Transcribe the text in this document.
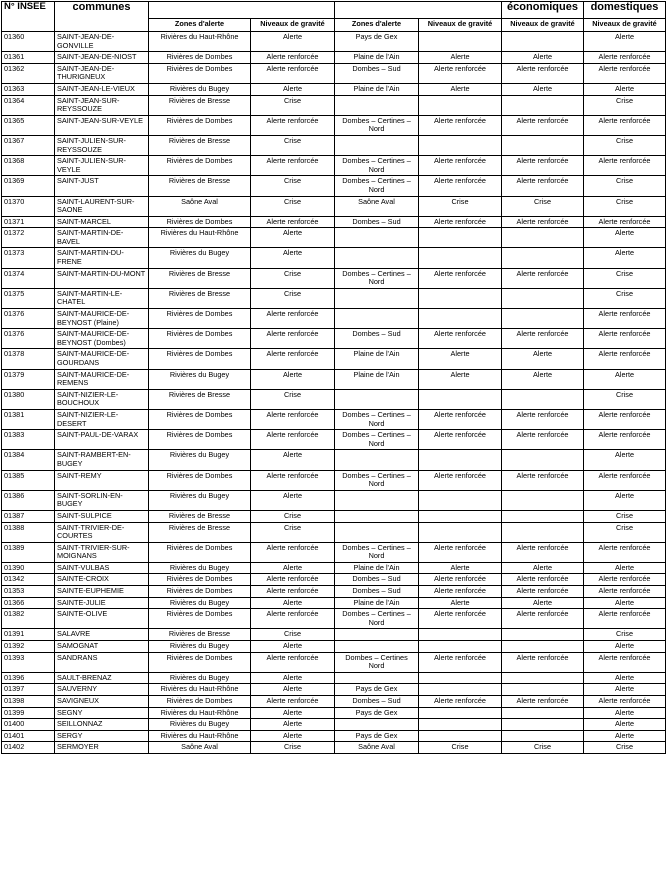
N° INSEE	communes					économiques	domestiques
		Zones d'alerte	Niveaux de gravité	Zones d'alerte	Niveaux de gravité	Niveaux de gravité	Niveaux de gravité
01360	SAINT-JEAN-DE-GONVILLE	Rivières du Haut-Rhône	Alerte	Pays de Gex			Alerte
01361	SAINT-JEAN-DE-NIOST	Rivières de Dombes	Alerte renforcée	Plaine de l'Ain	Alerte	Alerte	Alerte renforcée
01362	SAINT-JEAN-DE-THURIGNEUX	Rivières de Dombes	Alerte renforcée	Dombes – Sud	Alerte renforcée	Alerte renforcée	Alerte renforcée
01363	SAINT-JEAN-LE-VIEUX	Rivières du Bugey	Alerte	Plaine de l'Ain	Alerte	Alerte	Alerte
01364	SAINT-JEAN-SUR-REYSSOUZE	Rivières de Bresse	Crise				Crise
01365	SAINT-JEAN-SUR-VEYLE	Rivières de Dombes	Alerte renforcée	Dombes – Certines – Nord	Alerte renforcée	Alerte renforcée	Alerte renforcée
01367	SAINT-JULIEN-SUR-REYSSOUZE	Rivières de Bresse	Crise				Crise
01368	SAINT-JULIEN-SUR-VEYLE	Rivières de Dombes	Alerte renforcée	Dombes – Certines – Nord	Alerte renforcée	Alerte renforcée	Alerte renforcée
01369	SAINT-JUST	Rivières de Bresse	Crise	Dombes – Certines – Nord	Alerte renforcée	Alerte renforcée	Crise
01370	SAINT-LAURENT-SUR-SAONE	Saône Aval	Crise	Saône Aval	Crise	Crise	Crise
01371	SAINT-MARCEL	Rivières de Dombes	Alerte renforcée	Dombes – Sud	Alerte renforcée	Alerte renforcée	Alerte renforcée
01372	SAINT-MARTIN-DE-BAVEL	Rivières du Haut-Rhône	Alerte				Alerte
01373	SAINT-MARTIN-DU-FRENE	Rivières du Bugey	Alerte				Alerte
01374	SAINT-MARTIN-DU-MONT	Rivières de Bresse	Crise	Dombes – Certines – Nord	Alerte renforcée	Alerte renforcée	Crise
01375	SAINT-MARTIN-LE-CHATEL	Rivières de Bresse	Crise				Crise
01376	SAINT-MAURICE-DE-BEYNOST (Plaine)	Rivières de Dombes	Alerte renforcée				Alerte renforcée
01376	SAINT-MAURICE-DE-BEYNOST (Dombes)	Rivières de Dombes	Alerte renforcée	Dombes – Sud	Alerte renforcée	Alerte renforcée	Alerte renforcée
01378	SAINT-MAURICE-DE-GOURDANS	Rivières de Dombes	Alerte renforcée	Plaine de l'Ain	Alerte	Alerte	Alerte renforcée
01379	SAINT-MAURICE-DE-REMENS	Rivières du Bugey	Alerte	Plaine de l'Ain	Alerte	Alerte	Alerte
01380	SAINT-NIZIER-LE-BOUCHOUX	Rivières de Bresse	Crise				Crise
01381	SAINT-NIZIER-LE-DESERT	Rivières de Dombes	Alerte renforcée	Dombes – Certines – Nord	Alerte renforcée	Alerte renforcée	Alerte renforcée
01383	SAINT-PAUL-DE-VARAX	Rivières de Dombes	Alerte renforcée	Dombes – Certines – Nord	Alerte renforcée	Alerte renforcée	Alerte renforcée
01384	SAINT-RAMBERT-EN-BUGEY	Rivières du Bugey	Alerte				Alerte
01385	SAINT-REMY	Rivières de Dombes	Alerte renforcée	Dombes – Certines – Nord	Alerte renforcée	Alerte renforcée	Alerte renforcée
01386	SAINT-SORLIN-EN-BUGEY	Rivières du Bugey	Alerte				Alerte
01387	SAINT-SULPICE	Rivières de Bresse	Crise				Crise
01388	SAINT-TRIVIER-DE-COURTES	Rivières de Bresse	Crise				Crise
01389	SAINT-TRIVIER-SUR-MOIGNANS	Rivières de Dombes	Alerte renforcée	Dombes – Certines – Nord	Alerte renforcée	Alerte renforcée	Alerte renforcée
01390	SAINT-VULBAS	Rivières du Bugey	Alerte	Plaine de l'Ain	Alerte	Alerte	Alerte
01342	SAINTE-CROIX	Rivières de Dombes	Alerte renforcée	Dombes – Sud	Alerte renforcée	Alerte renforcée	Alerte renforcée
01353	SAINTE-EUPHEMIE	Rivières de Dombes	Alerte renforcée	Dombes – Sud	Alerte renforcée	Alerte renforcée	Alerte renforcée
01366	SAINTE-JULIE	Rivières du Bugey	Alerte	Plaine de l'Ain	Alerte	Alerte	Alerte
01382	SAINTE-OLIVE	Rivières de Dombes	Alerte renforcée	Dombes – Certines – Nord	Alerte renforcée	Alerte renforcée	Alerte renforcée
01391	SALAVRE	Rivières de Bresse	Crise				Crise
01392	SAMOGNAT	Rivières du Bugey	Alerte				Alerte
01393	SANDRANS	Rivières de Dombes	Alerte renforcée	Dombes – Certines Nord	Alerte renforcée	Alerte renforcée	Alerte renforcée
01396	SAULT-BRENAZ	Rivières du Bugey	Alerte				Alerte
01397	SAUVERNY	Rivières du Haut-Rhône	Alerte	Pays de Gex			Alerte
01398	SAVIGNEUX	Rivières de Dombes	Alerte renforcée	Dombes – Sud	Alerte renforcée	Alerte renforcée	Alerte renforcée
01399	SEGNY	Rivières du Haut-Rhône	Alerte	Pays de Gex			Alerte
01400	SEILLONNAZ	Rivières du Bugey	Alerte				Alerte
01401	SERGY	Rivières du Haut-Rhône	Alerte	Pays de Gex			Alerte
01402	SERMOYER	Saône Aval	Crise	Saône Aval	Crise	Crise	Crise
